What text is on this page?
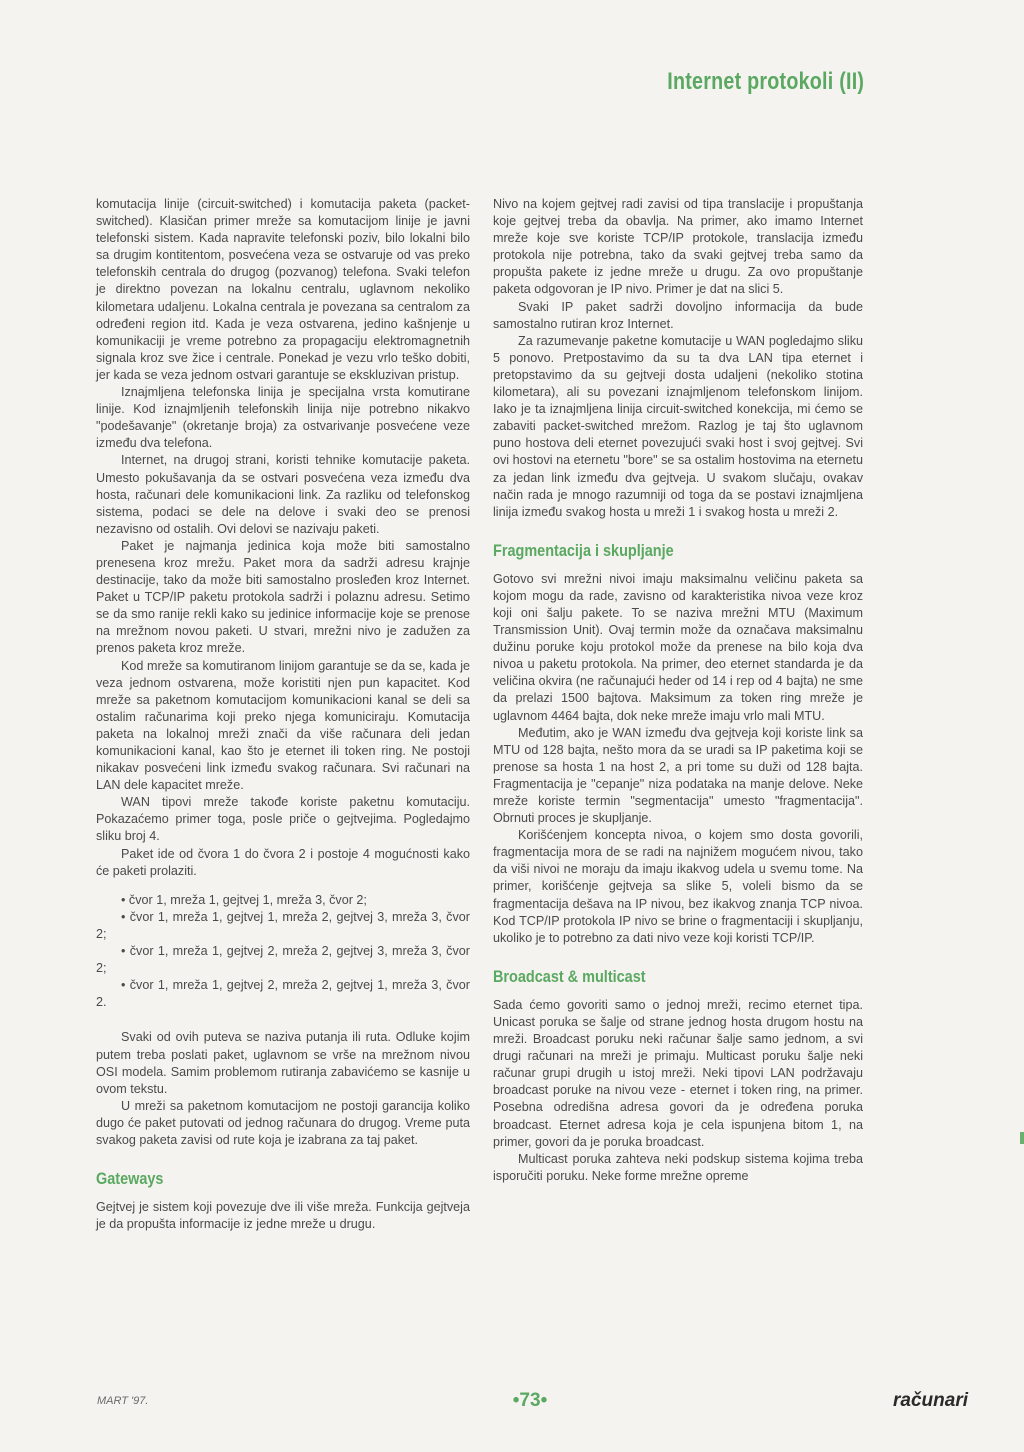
Internet protokoli (II)

komutacija linije (circuit-switched) i komutacija paketa (packet-switched). Klasičan primer mreže sa komutacijom linije je javni telefonski sistem. Kada napravite telefonski poziv, bilo lokalni bilo sa drugim kontitentom, posvećena veza se ostvaruje od vas preko telefonskih centrala do drugog (pozvanog) telefona. Svaki telefon je direktno povezan na lokalnu centralu, uglavnom nekoliko kilometara udaljenu. Lokalna centrala je povezana sa centralom za određeni region itd. Kada je veza ostvarena, jedino kašnjenje u komunikaciji je vreme potrebno za propagaciju elektromagnetnih signala kroz sve žice i centrale. Ponekad je vezu vrlo teško dobiti, jer kada se veza jednom ostvari garantuje se ekskluzivan pristup.

Iznajmljena telefonska linija je specijalna vrsta komutirane linije. Kod iznajmljenih telefonskih linija nije potrebno nikakvo "podešavanje" (okretanje broja) za ostvarivanje posvećene veze između dva telefona.

Internet, na drugoj strani, koristi tehnike komutacije paketa. Umesto pokušavanja da se ostvari posvećena veza između dva hosta, računari dele komunikacioni link. Za razliku od telefonskog sistema, podaci se dele na delove i svaki deo se prenosi nezavisno od ostalih. Ovi delovi se nazivaju paketi.

Paket je najmanja jedinica koja može biti samostalno prenesena kroz mrežu. Paket mora da sadrži adresu krajnje destinacije, tako da može biti samostalno prosleđen kroz Internet. Paket u TCP/IP paketu protokola sadrži i polaznu adresu. Setimo se da smo ranije rekli kako su jedinice informacije koje se prenose na mrežnom novou paketi. U stvari, mrežni nivo je zadužen za prenos paketa kroz mreže.

Kod mreže sa komutiranom linijom garantuje se da se, kada je veza jednom ostvarena, može koristiti njen pun kapacitet. Kod mreže sa paketnom komutacijom komunikacioni kanal se deli sa ostalim računarima koji preko njega komuniciraju. Komutacija paketa na lokalnoj mreži znači da više računara deli jedan komunikacioni kanal, kao što je eternet ili token ring. Ne postoji nikakav posvećeni link između svakog računara. Svi računari na LAN dele kapacitet mreže.

WAN tipovi mreže takođe koriste paketnu komutaciju. Pokazaćemo primer toga, posle priče o gejtvejima. Pogledajmo sliku broj 4.

Paket ide od čvora 1 do čvora 2 i postoje 4 mogućnosti kako će paketi prolaziti.

• čvor 1, mreža 1, gejtvej 1, mreža 3, čvor 2;
• čvor 1, mreža 1, gejtvej 1, mreža 2, gejtvej 3, mreža 3, čvor 2;
• čvor 1, mreža 1, gejtvej 2, mreža 2, gejtvej 3, mreža 3, čvor 2;
• čvor 1, mreža 1, gejtvej 2, mreža 2, gejtvej 1, mreža 3, čvor 2.

Svaki od ovih puteva se naziva putanja ili ruta. Odluke kojim putem treba poslati paket, uglavnom se vrše na mrežnom nivou OSI modela. Samim problemom rutiranja zabavićemo se kasnije u ovom tekstu.

U mreži sa paketnom komutacijom ne postoji garancija koliko dugo će paket putovati od jednog računara do drugog. Vreme puta svakog paketa zavisi od rute koja je izabrana za taj paket.

Gateways

Gejtvej je sistem koji povezuje dve ili više mreža. Funkcija gejtveja je da propušta informacije iz jedne mreže u drugu.

Nivo na kojem gejtvej radi zavisi od tipa translacije i propuštanja koje gejtvej treba da obavlja. Na primer, ako imamo Internet mreže koje sve koriste TCP/IP protokole, translacija između protokola nije potrebna, tako da svaki gejtvej treba samo da propušta pakete iz jedne mreže u drugu. Za ovo propuštanje paketa odgovoran je IP nivo. Primer je dat na slici 5.

Svaki IP paket sadrži dovoljno informacija da bude samostalno rutiran kroz Internet.

Za razumevanje paketne komutacije u WAN pogledajmo sliku 5 ponovo. Pretpostavimo da su ta dva LAN tipa eternet i pretopstavimo da su gejtveji dosta udaljeni (nekoliko stotina kilometara), ali su povezani iznajmljenom telefonskom linijom. Iako je ta iznajmljena linija circuit-switched konekcija, mi ćemo se zabaviti packet-switched mrežom. Razlog je taj što uglavnom puno hostova deli eternet povezujući svaki host i svoj gejtvej. Svi ovi hostovi na eternetu "bore" se sa ostalim hostovima na eternetu za jedan link između dva gejtveja. U svakom slučaju, ovakav način rada je mnogo razumniji od toga da se postavi iznajmljena linija između svakog hosta u mreži 1 i svakog hosta u mreži 2.

Fragmentacija i skupljanje

Gotovo svi mrežni nivoi imaju maksimalnu veličinu paketa sa kojom mogu da rade, zavisno od karakteristika nivoa veze kroz koji oni šalju pakete. To se naziva mrežni MTU (Maximum Transmission Unit). Ovaj termin može da označava maksimalnu dužinu poruke koju protokol može da prenese na bilo koja dva nivoa u paketu protokola. Na primer, deo eternet standarda je da veličina okvira (ne računajući heder od 14 i rep od 4 bajta) ne sme da prelazi 1500 bajtova. Maksimum za token ring mreže je uglavnom 4464 bajta, dok neke mreže imaju vrlo mali MTU.

Međutim, ako je WAN između dva gejtveja koji koriste link sa MTU od 128 bajta, nešto mora da se uradi sa IP paketima koji se prenose sa hosta 1 na host 2, a pri tome su duži od 128 bajta. Fragmentacija je "cepanje" niza podataka na manje delove. Neke mreže koriste termin "segmentacija" umesto "fragmentacija". Obrnuti proces je skupljanje.

Korišćenjem koncepta nivoa, o kojem smo dosta govorili, fragmentacija mora de se radi na najnižem mogućem nivou, tako da viši nivoi ne moraju da imaju ikakvog udela u svemu tome. Na primer, korišćenje gejtveja sa slike 5, voleli bismo da se fragmentacija dešava na IP nivou, bez ikakvog znanja TCP nivoa. Kod TCP/IP protokola IP nivo se brine o fragmentaciji i skupljanju, ukoliko je to potrebno za dati nivo veze koji koristi TCP/IP.

Broadcast & multicast

Sada ćemo govoriti samo o jednoj mreži, recimo eternet tipa. Unicast poruka se šalje od strane jednog hosta drugom hostu na mreži. Broadcast poruku neki računar šalje samo jednom, a svi drugi računari na mreži je primaju. Multicast poruku šalje neki računar grupi drugih u istoj mreži. Neki tipovi LAN podržavaju broadcast poruke na nivou veze - eternet i token ring, na primer. Posebna odredišna adresa govori da je određena poruka broadcast. Eternet adresa koja je cela ispunjena bitom 1, na primer, govori da je poruka broadcast.

Multicast poruka zahteva neki podskup sistema kojima treba isporučiti poruku. Neke forme mrežne opreme

MART '97.	•73•	računari
